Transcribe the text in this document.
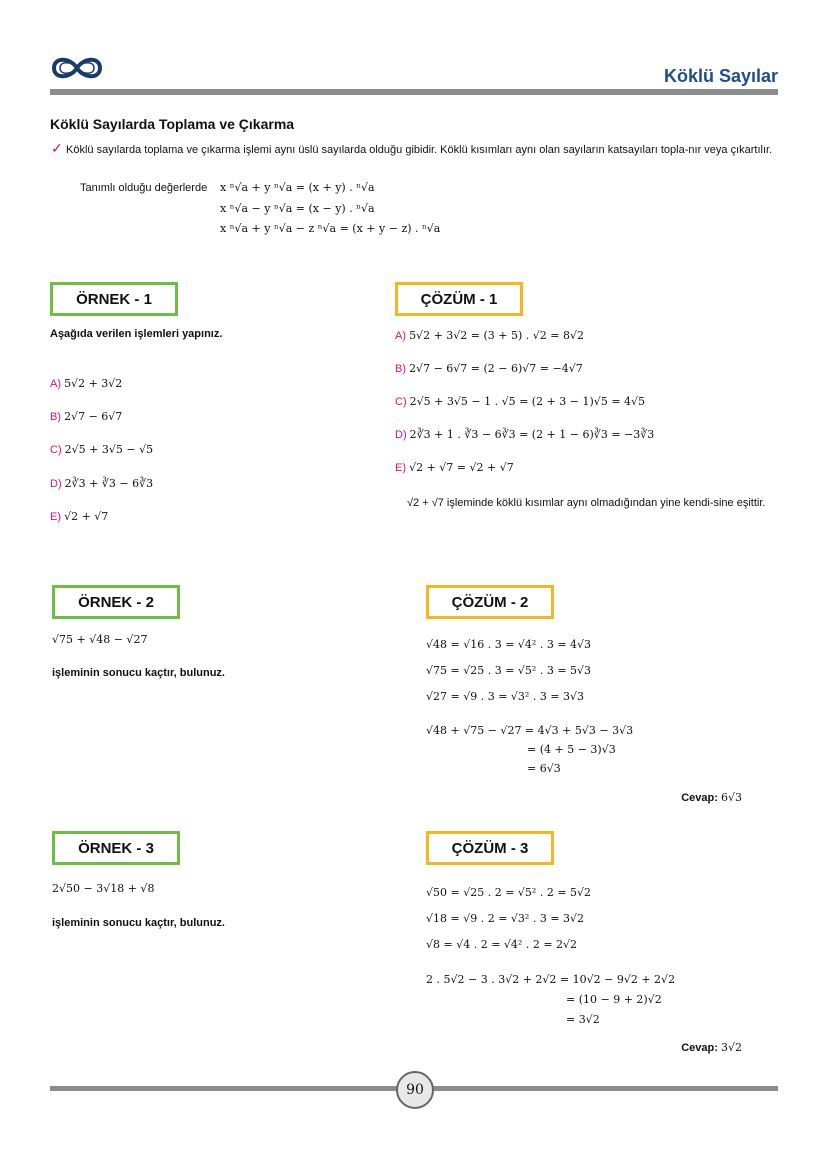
Köklü Sayılar
Köklü Sayılarda Toplama ve Çıkarma
✓ Köklü sayılarda toplama ve çıkarma işlemi aynı üslü sayılarda olduğu gibidir. Köklü kısımları aynı olan sayıların katsayıları topla-nır veya çıkartılır.
Tanımlı olduğu değerlerde x ⁿ√a + y ⁿ√a = (x + y) . ⁿ√a
x ⁿ√a − y ⁿ√a = (x − y) . ⁿ√a
x ⁿ√a + y ⁿ√a − z ⁿ√a = (x + y − z) . ⁿ√a
ÖRNEK - 1
Aşağıda verilen işlemleri yapınız.
A) 5√2 + 3√2
B) 2√7 − 6√7
C) 2√5 + 3√5 − √5
D) 2∛3 + ∛3 − 6∛3
E) √2 + √7
ÇÖZÜM - 1
A) 5√2 + 3√2 = (3 + 5) . √2 = 8√2
B) 2√7 − 6√7 = (2 − 6)√7 = −4√7
C) 2√5 + 3√5 − 1 . √5 = (2 + 3 − 1)√5 = 4√5
D) 2∛3 + 1 . ∛3 − 6∛3 = (2 + 1 − 6)∛3 = −3∛3
E) √2 + √7 = √2 + √7
√2 + √7 işleminde köklü kısımlar aynı olmadığından yine kendi-sine eşittir.
ÖRNEK - 2
√75 + √48 − √27
işleminin sonucu kaçtır, bulunuz.
ÇÖZÜM - 2
√48 = √16 . 3 = √4² . 3 = 4√3
√75 = √25 . 3 = √5² . 3 = 5√3
√27 = √9 . 3 = √3² . 3 = 3√3
√48 + √75 − √27 = 4√3 + 5√3 − 3√3
= (4 + 5 − 3)√3
= 6√3
Cevap: 6√3
ÖRNEK - 3
2√50 − 3√18 + √8
işleminin sonucu kaçtır, bulunuz.
ÇÖZÜM - 3
√50 = √25 . 2 = √5² . 2 = 5√2
√18 = √9 . 2 = √3² . 3 = 3√2
√8 = √4 . 2 = √4² . 2 = 2√2
2 . 5√2 − 3 . 3√2 + 2√2 = 10√2 − 9√2 + 2√2
= (10 − 9 + 2)√2
= 3√2
Cevap: 3√2
90
